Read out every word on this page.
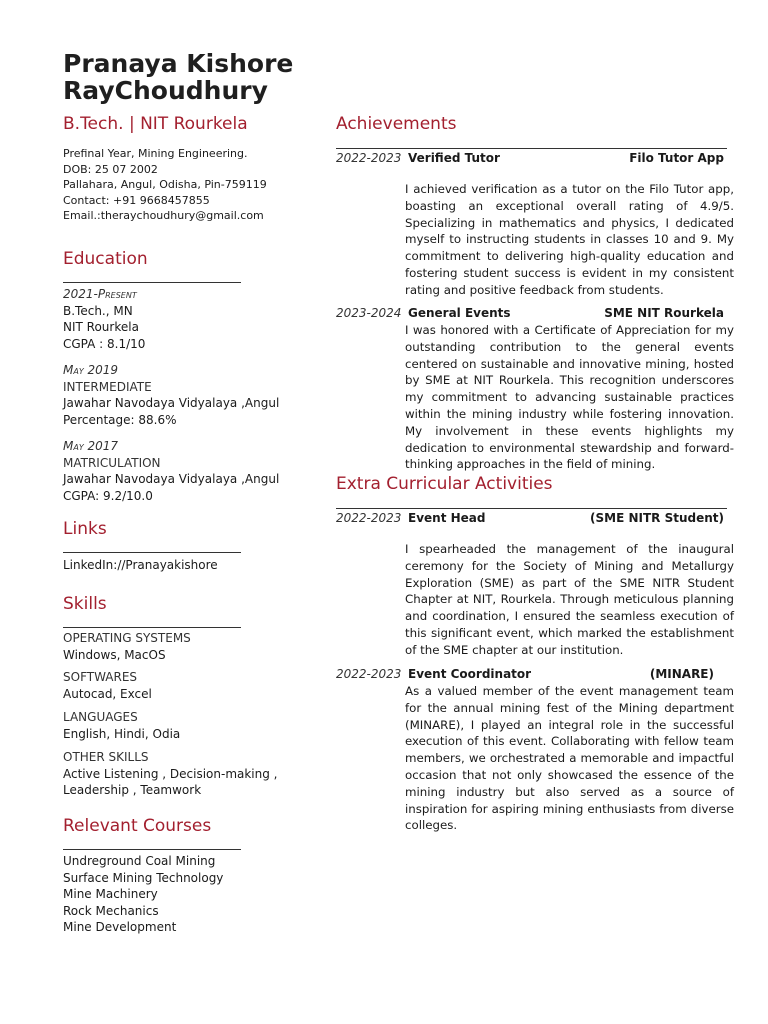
Pranaya Kishore
RayChoudhury
B.Tech. | NIT Rourkela
Prefinal Year, Mining Engineering.
DOB: 25 07 2002
Pallahara, Angul, Odisha, Pin-759119
Contact: +91 9668457855
Email.:theraychoudhury@gmail.com
Education
2021-Present
B.Tech., MN
NIT Rourkela
CGPA : 8.1/10
May 2019
INTERMEDIATE
Jawahar Navodaya Vidyalaya ,Angul
Percentage: 88.6%
May 2017
MATRICULATION
Jawahar Navodaya Vidyalaya ,Angul
CGPA: 9.2/10.0
Links
LinkedIn://Pranayakishore
Skills
OPERATING SYSTEMS
Windows, MacOS
SOFTWARES
Autocad, Excel
LANGUAGES
English, Hindi, Odia
OTHER SKILLS
Active Listening , Decision-making ,
Leadership , Teamwork
Relevant Courses
Undreground Coal Mining
Surface Mining Technology
Mine Machinery
Rock Mechanics
Mine Development
Achievements
2022-2023 Verified Tutor	Filo Tutor App
I achieved verification as a tutor on the Filo Tutor app, boasting an exceptional overall rating of 4.9/5. Specializing in mathematics and physics, I dedicated myself to instructing students in classes 10 and 9. My commitment to delivering high-quality education and fostering student success is evident in my consistent rating and positive feedback from students.
2023-2024 General Events	SME NIT Rourkela
I was honored with a Certificate of Appreciation for my outstanding contribution to the general events centered on sustainable and innovative mining, hosted by SME at NIT Rourkela. This recognition underscores my commitment to advancing sustainable practices within the mining industry while fostering innovation. My involvement in these events highlights my dedication to environmental stewardship and forward-thinking approaches in the field of mining.
Extra Curricular Activities
2022-2023 Event Head	(SME NITR Student)
I spearheaded the management of the inaugural ceremony for the Society of Mining and Metallurgy Exploration (SME) as part of the SME NITR Student Chapter at NIT, Rourkela. Through meticulous planning and coordination, I ensured the seamless execution of this significant event, which marked the establishment of the SME chapter at our institution.
2022-2023 Event Coordinator	(MINARE)
As a valued member of the event management team for the annual mining fest of the Mining department (MINARE), I played an integral role in the successful execution of this event. Collaborating with fellow team members, we orchestrated a memorable and impactful occasion that not only showcased the essence of the mining industry but also served as a source of inspiration for aspiring mining enthusiasts from diverse colleges.
